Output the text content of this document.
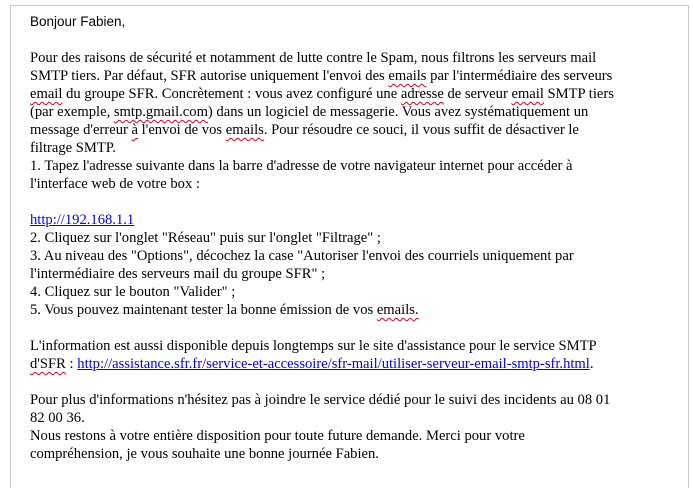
Bonjour Fabien,
Pour des raisons de sécurité et notamment de lutte contre le Spam, nous filtrons les serveurs mail
SMTP tiers. Par défaut, SFR autorise uniquement l'envoi des emails par l'intermédiaire des serveurs
email du groupe SFR. Concrètement : vous avez configuré une adresse de serveur email SMTP tiers
(par exemple, smtp.gmail.com) dans un logiciel de messagerie. Vous avez systématiquement un
message d'erreur à l'envoi de vos emails. Pour résoudre ce souci, il vous suffit de désactiver le
filtrage SMTP.
1. Tapez l'adresse suivante dans la barre d'adresse de votre navigateur internet pour accéder à
l'interface web de votre box :
http://192.168.1.1
2. Cliquez sur l'onglet "Réseau" puis sur l'onglet "Filtrage" ;
3. Au niveau des "Options", décochez la case "Autoriser l'envoi des courriels uniquement par
l'intermédiaire des serveurs mail du groupe SFR" ;
4. Cliquez sur le bouton "Valider" ;
5. Vous pouvez maintenant tester la bonne émission de vos emails.
L'information est aussi disponible depuis longtemps sur le site d'assistance pour le service SMTP
d'SFR : http://assistance.sfr.fr/service-et-accessoire/sfr-mail/utiliser-serveur-email-smtp-sfr.html.
Pour plus d'informations n'hésitez pas à joindre le service dédié pour le suivi des incidents au 08 01
82 00 36.
Nous restons à votre entière disposition pour toute future demande. Merci pour votre
compréhension, je vous souhaite une bonne journée Fabien.
